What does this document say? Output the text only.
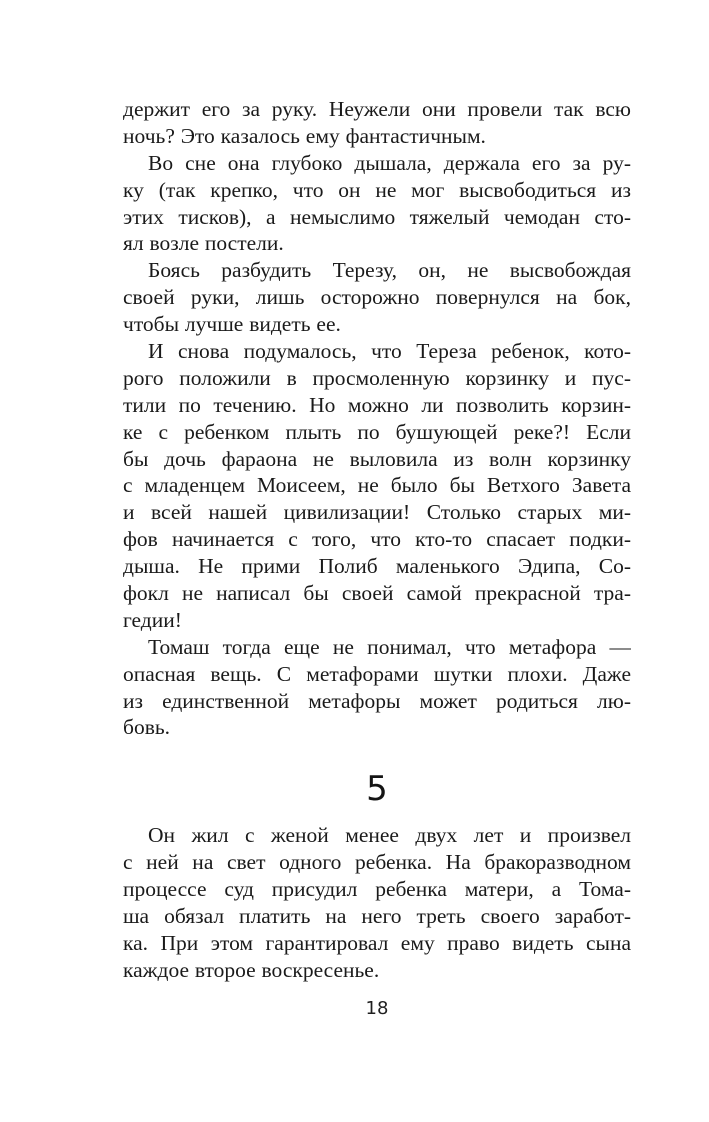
держит его за руку. Неужели они провели так всю
ночь? Это казалось ему фантастичным.
Во сне она глубоко дышала, держала его за ру-
ку (так крепко, что он не мог высвободиться из
этих тисков), а немыслимо тяжелый чемодан сто-
ял возле постели.
Боясь разбудить Терезу, он, не высвобождая
своей руки, лишь осторожно повернулся на бок,
чтобы лучше видеть ее.
И снова подумалось, что Тереза ребенок, кото-
рого положили в просмоленную корзинку и пус-
тили по течению. Но можно ли позволить корзин-
ке с ребенком плыть по бушующей реке?! Если
бы дочь фараона не выловила из волн корзинку
с младенцем Моисеем, не было бы Ветхого Завета
и всей нашей цивилизации! Столько старых ми-
фов начинается с того, что кто-то спасает подки-
дыша. Не прими Полиб маленького Эдипа, Со-
фокл не написал бы своей самой прекрасной тра-
гедии!
Томаш тогда еще не понимал, что метафора —
опасная вещь. С метафорами шутки плохи. Даже
из единственной метафоры может родиться лю-
бовь.
5
Он жил с женой менее двух лет и произвел
с ней на свет одного ребенка. На бракоразводном
процессе суд присудил ребенка матери, а Тома-
ша обязал платить на него треть своего заработ-
ка. При этом гарантировал ему право видеть сына
каждое второе воскресенье.
18
